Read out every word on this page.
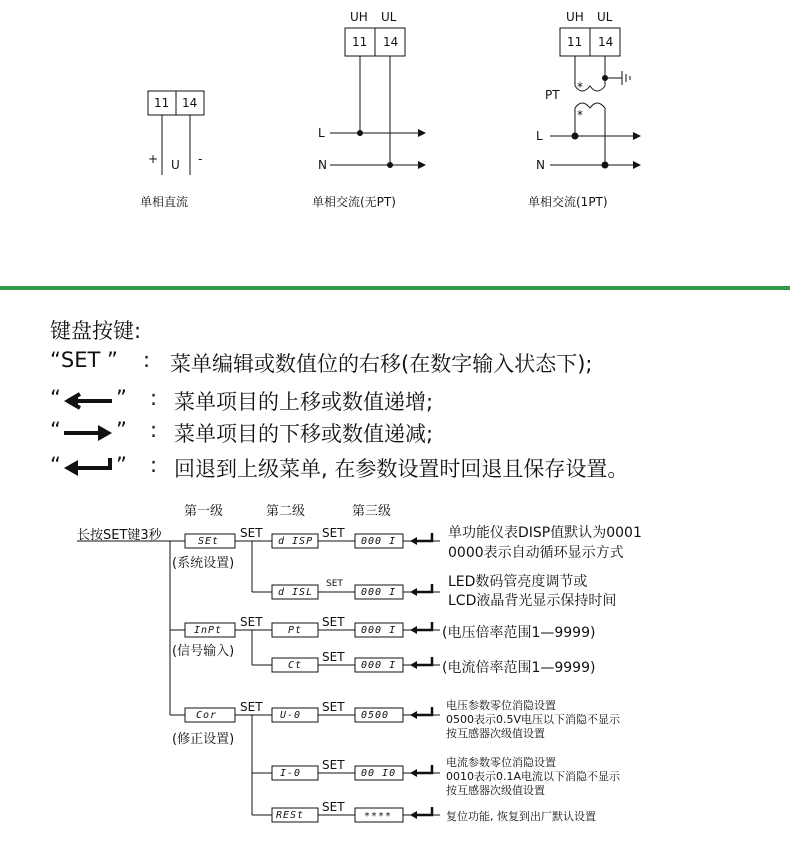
11 14
+ U -
单相直流
UH UL
11 14
L
N
单相交流(无PT)
UH UL
11 14
PT
*
*
L
N
单相交流(1PT)
键盘按键:
“SET ” : 菜单编辑或数值位的右移(在数字输入状态下);
“	” : 菜单项目的上移或数值递增;
“	” : 菜单项目的下移或数值递减;
“	” : 回退到上级菜单, 在参数设置时回退且保存设置。
第一级	第二级	第三级
长按SET键3秒	SEt
(系统设置)
InPt
(信号输入)
Cor
(修正设置)
SET	SET
SET
SET	SET
SET
SET	SET
SET
SET
d ISP
d ISL
Pt
Ct
U-0
I-0
RESt
000 I
000 I
000 I
000 I
0500
00 I0
****
单功能仪表DISP值默认为0001
0000表示自动循环显示方式
LED数码管亮度调节或
LCD液晶背光显示保持时间
(电压倍率范围1—9999)
(电流倍率范围1—9999)
电压参数零位消隐设置
0500表示0.5V电压以下消隐不显示
按互感器次级值设置
电流参数零位消隐设置
0010表示0.1A电流以下消隐不显示
按互感器次级值设置
复位功能, 恢复到出厂默认设置
